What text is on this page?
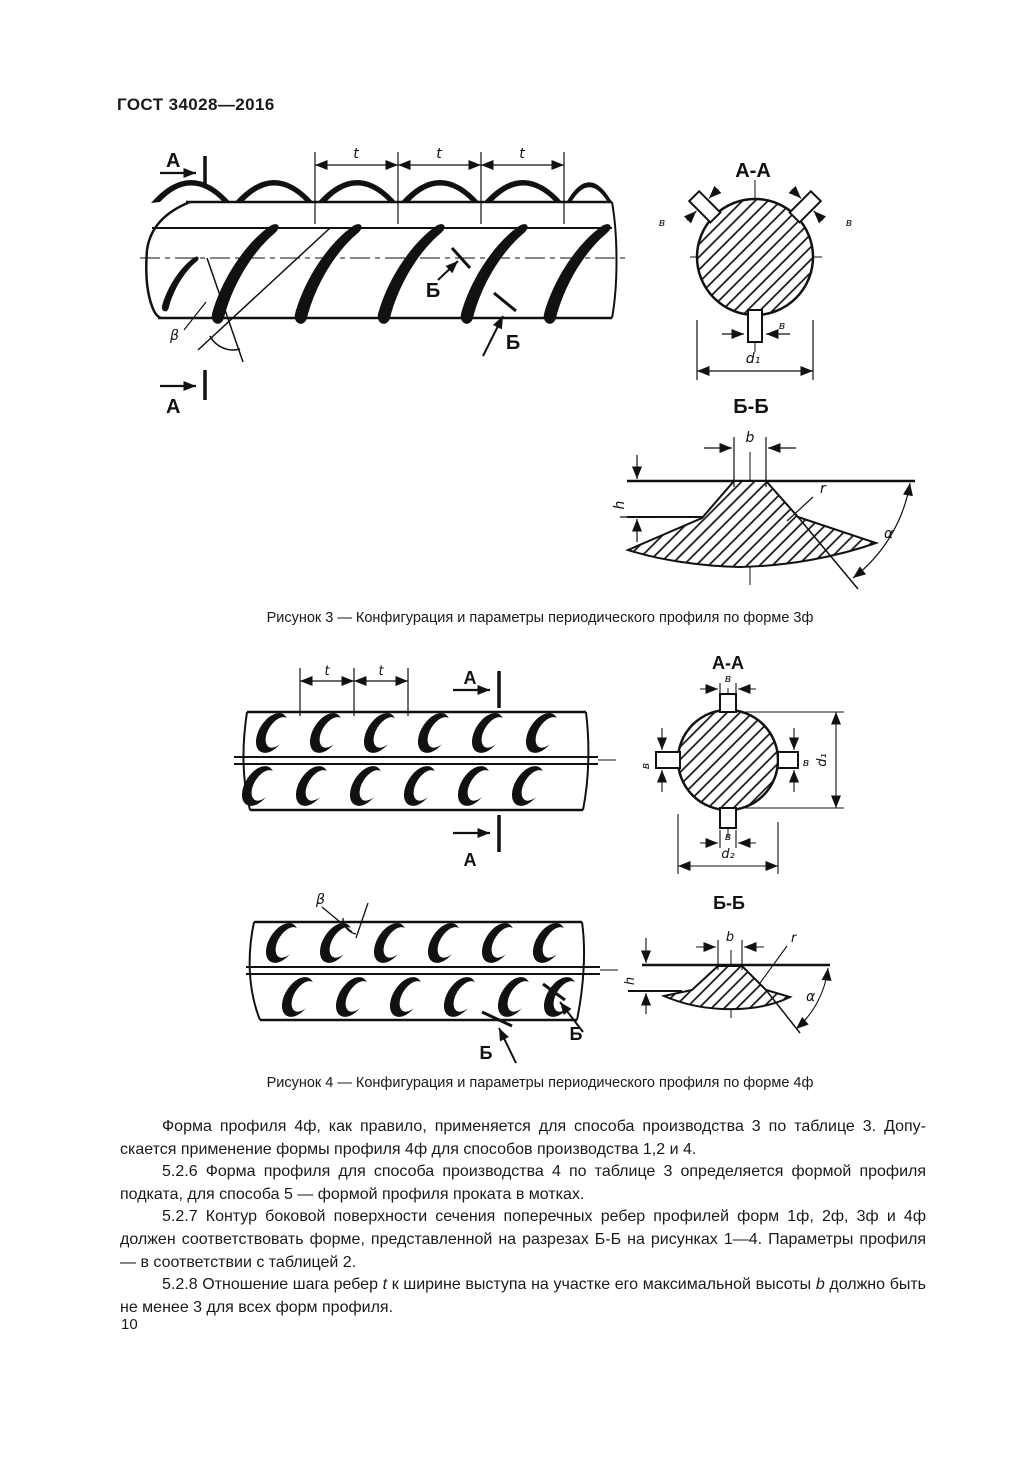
ГОСТ 34028—2016
А
А
t	t	t
Б
Б
β
А-А
в	в
в
d₁
Б-Б
b
h
r
α
t	t	А
А
А-А
в
в	в
в
d₁
d₂
β
Б
Б
Б-Б
b
h
r
α
Рисунок 3 — Конфигурация и параметры периодического профиля по форме 3ф
Рисунок 4 — Конфигурация и параметры периодического профиля по форме 4ф

Форма профиля 4ф, как правило, применяется для способа производства 3 по таблице 3. Допускается применение формы профиля 4ф для способов производства 1,2 и 4.

5.2.6 Форма профиля для способа производства 4 по таблице 3 определяется формой профиля подката, для способа 5 — формой профиля проката в мотках.

5.2.7 Контур боковой поверхности сечения поперечных ребер профилей форм 1ф, 2ф, 3ф и 4ф должен соответствовать форме, представленной на разрезах Б-Б на рисунках 1—4. Параметры профиля — в соответствии с таблицей 2.

5.2.8 Отношение шага ребер t к ширине выступа на участке его максимальной высоты b должно быть не менее 3 для всех форм профиля.

10
